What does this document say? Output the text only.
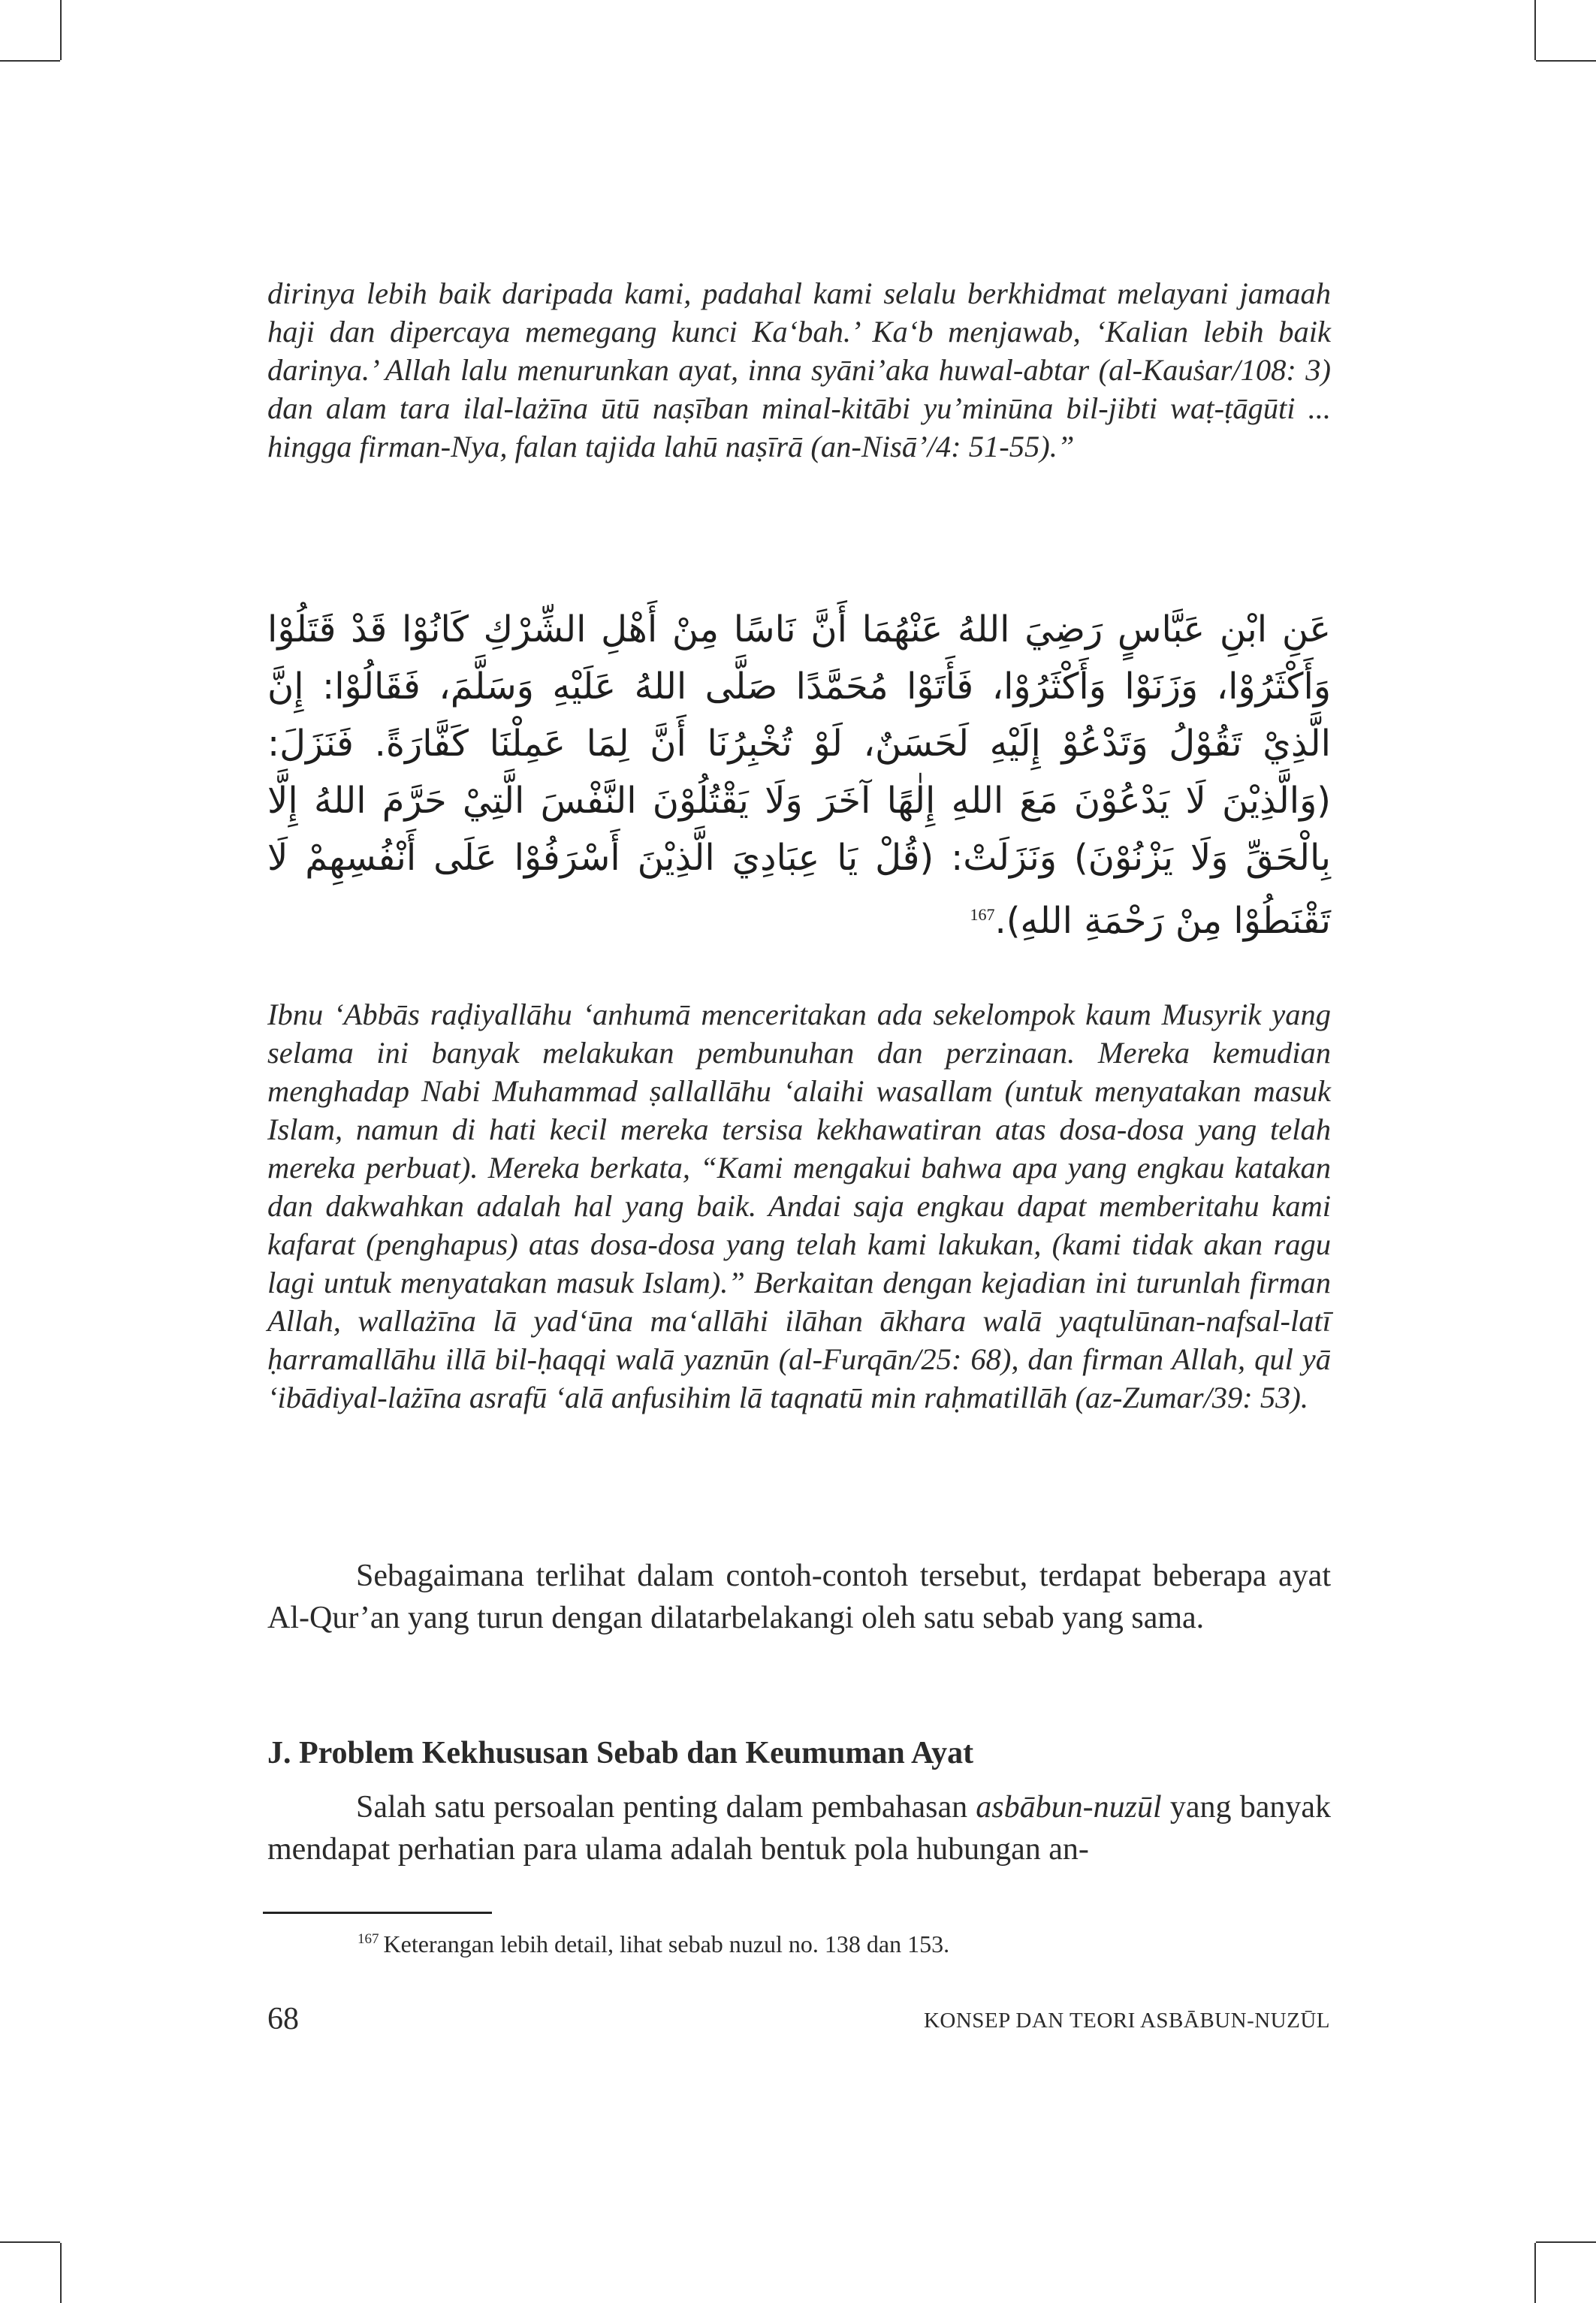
dirinya lebih baik daripada kami, padahal kami selalu berkhidmat melayani jamaah haji dan dipercaya memegang kunci Ka‘bah.’ Ka‘b menjawab, ‘Kalian lebih baik darinya.’ Allah lalu menurunkan ayat, inna syāni’aka huwal-abtar (al-Kauṡar/108: 3) dan alam tara ilal-lażīna ūtū naṣīban minal-kitābi yu’minūna bil-jibti waṭ-ṭāgūti ... hingga firman-Nya, falan tajida lahū naṣīrā (an-Nisā’/4: 51-55).”

عَنِ ابْنِ عَبَّاسٍ رَضِيَ اللهُ عَنْهُمَا أَنَّ نَاسًا مِنْ أَهْلِ الشِّرْكِ كَانُوْا قَدْ قَتَلُوْا وَأَكْثَرُوْا، وَزَنَوْا وَأَكْثَرُوْا، فَأَتَوْا مُحَمَّدًا صَلَّى اللهُ عَلَيْهِ وَسَلَّمَ، فَقَالُوْا: إِنَّ الَّذِيْ تَقُوْلُ وَتَدْعُوْ إِلَيْهِ لَحَسَنٌ، لَوْ تُخْبِرُنَا أَنَّ لِمَا عَمِلْنَا كَفَّارَةً. فَنَزَلَ: (وَالَّذِيْنَ لَا يَدْعُوْنَ مَعَ اللهِ إِلٰهًا آخَرَ وَلَا يَقْتُلُوْنَ النَّفْسَ الَّتِيْ حَرَّمَ اللهُ إِلَّا بِالْحَقِّ وَلَا يَزْنُوْنَ) وَنَزَلَتْ: (قُلْ يَا عِبَادِيَ الَّذِيْنَ أَسْرَفُوْا عَلَى أَنْفُسِهِمْ لَا تَقْنَطُوْا مِنْ رَحْمَةِ اللهِ).$^{167}$

Ibnu ‘Abbās raḍiyallāhu ‘anhumā menceritakan ada sekelompok kaum Musyrik yang selama ini banyak melakukan pembunuhan dan perzinaan. Mereka kemudian menghadap Nabi Muhammad ṣallallāhu ‘alaihi wasallam (untuk menyatakan masuk Islam, namun di hati kecil mereka tersisa kekhawatiran atas dosa-dosa yang telah mereka perbuat). Mereka berkata, “Kami mengakui bahwa apa yang engkau katakan dan dakwahkan adalah hal yang baik. Andai saja engkau dapat memberitahu kami kafarat (penghapus) atas dosa-dosa yang telah kami lakukan, (kami tidak akan ragu lagi untuk menyatakan masuk Islam).” Berkaitan dengan kejadian ini turunlah firman Allah, wallażīna lā yad‘ūna ma‘allāhi ilāhan ākhara walā yaqtulūnan-nafsal-latī ḥarramallāhu illā bil-ḥaqqi walā yaznūn (al-Furqān/25: 68), dan firman Allah, qul yā ‘ibādiyal-lażīna asrafū ‘alā anfusihim lā taqnatū min raḥmatillāh (az-Zumar/39: 53).

Sebagaimana terlihat dalam contoh-contoh tersebut, terdapat beberapa ayat Al-Qur’an yang turun dengan dilatarbelakangi oleh satu sebab yang sama.

J. Problem Kekhususan Sebab dan Keumuman Ayat

Salah satu persoalan penting dalam pembahasan asbābun-nuzūl yang banyak mendapat perhatian para ulama adalah bentuk pola hubungan an-

$^{167}$ Keterangan lebih detail, lihat sebab nuzul no. 138 dan 153.
68	KONSEP DAN TEORI ASBĀBUN-NUZŪL
